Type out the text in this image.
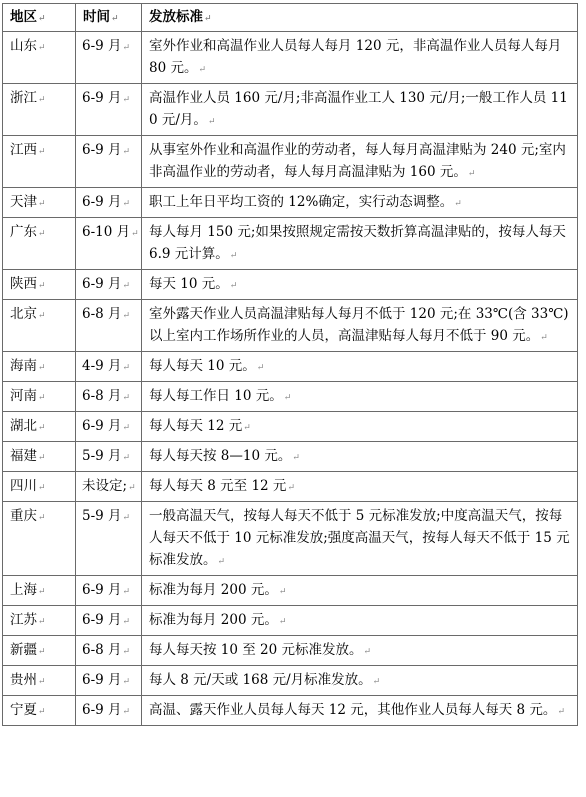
地区↵	时间↵	发放标准↵
山东↵	6-9 月↵	室外作业和高温作业人员每人每月 120 元，非高温作业人员每人每月 80 元。↵
浙江↵	6-9 月↵	高温作业人员 160 元/月;非高温作业工人 130 元/月;一般工作人员 110 元/月。↵
江西↵	6-9 月↵	从事室外作业和高温作业的劳动者，每人每月高温津贴为 240 元;室内非高温作业的劳动者，每人每月高温津贴为 160 元。↵
天津↵	6-9 月↵	职工上年日平均工资的 12%确定，实行动态调整。↵
广东↵	6-10 月↵	每人每月 150 元;如果按照规定需按天数折算高温津贴的，按每人每天 6.9 元计算。↵
陕西↵	6-9 月↵	每天 10 元。↵
北京↵	6-8 月↵	室外露天作业人员高温津贴每人每月不低于 120 元;在 33℃(含 33℃)以上室内工作场所作业的人员，高温津贴每人每月不低于 90 元。↵
海南↵	4-9 月↵	每人每天 10 元。↵
河南↵	6-8 月↵	每人每工作日 10 元。↵
湖北↵	6-9 月↵	每人每天 12 元↵
福建↵	5-9 月↵	每人每天按 8—10 元。↵
四川↵	未设定;↵	每人每天 8 元至 12 元↵
重庆↵	5-9 月↵	一般高温天气，按每人每天不低于 5 元标准发放;中度高温天气，按每人每天不低于 10 元标准发放;强度高温天气，按每人每天不低于 15 元标准发放。↵
上海↵	6-9 月↵	标准为每月 200 元。↵
江苏↵	6-9 月↵	标准为每月 200 元。↵
新疆↵	6-8 月↵	每人每天按 10 至 20 元标准发放。↵
贵州↵	6-9 月↵	每人 8 元/天或 168 元/月标准发放。↵
宁夏↵	6-9 月↵	高温、露天作业人员每人每天 12 元，其他作业人员每人每天 8 元。↵
